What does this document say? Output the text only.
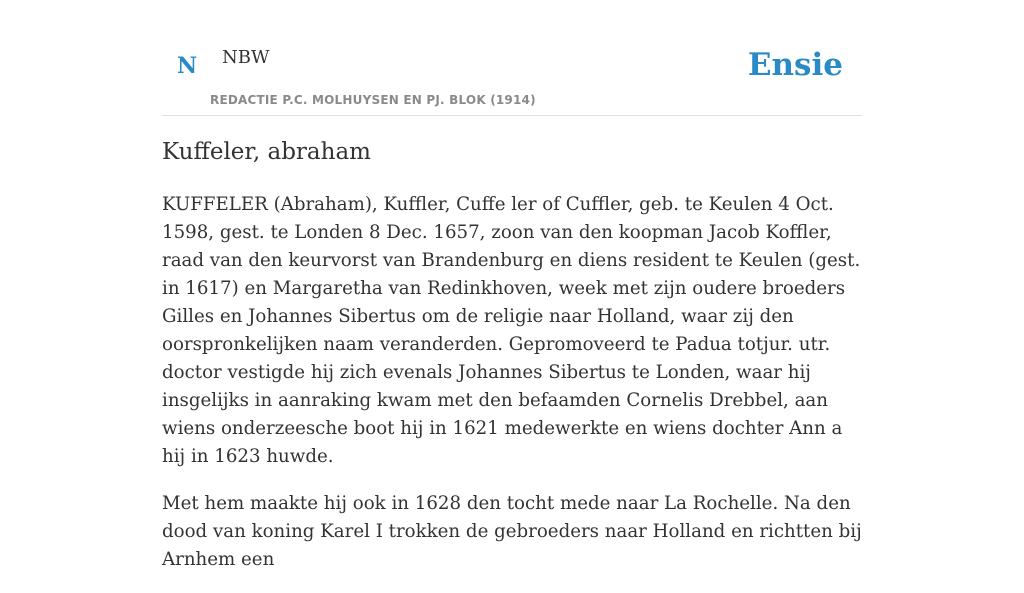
N NBW
REDACTIE P.C. MOLHUYSEN EN PJ. BLOK (1914)
Ensie
Kuffeler, abraham

KUFFELER (Abraham), Kuffler, Cuffe ler of Cuffler, geb. te Keulen 4 Oct. 1598, gest. te Londen 8 Dec. 1657, zoon van den koopman Jacob Koffler, raad van den keurvorst van Brandenburg en diens resident te Keulen (gest. in 1617) en Margaretha van Redinkhoven, week met zijn oudere broeders Gilles en Johannes Sibertus om de religie naar Holland, waar zij den oorspronkelijken naam veranderden. Gepromoveerd te Padua totjur. utr. doctor vestigde hij zich evenals Johannes Sibertus te Londen, waar hij insgelijks in aanraking kwam met den befaamden Cornelis Drebbel, aan wiens onderzeesche boot hij in 1621 medewerkte en wiens dochter Ann a hij in 1623 huwde.

Met hem maakte hij ook in 1628 den tocht mede naar La Rochelle. Na den dood van koning Karel I trokken de gebroeders naar Holland en richtten bij Arnhem een
